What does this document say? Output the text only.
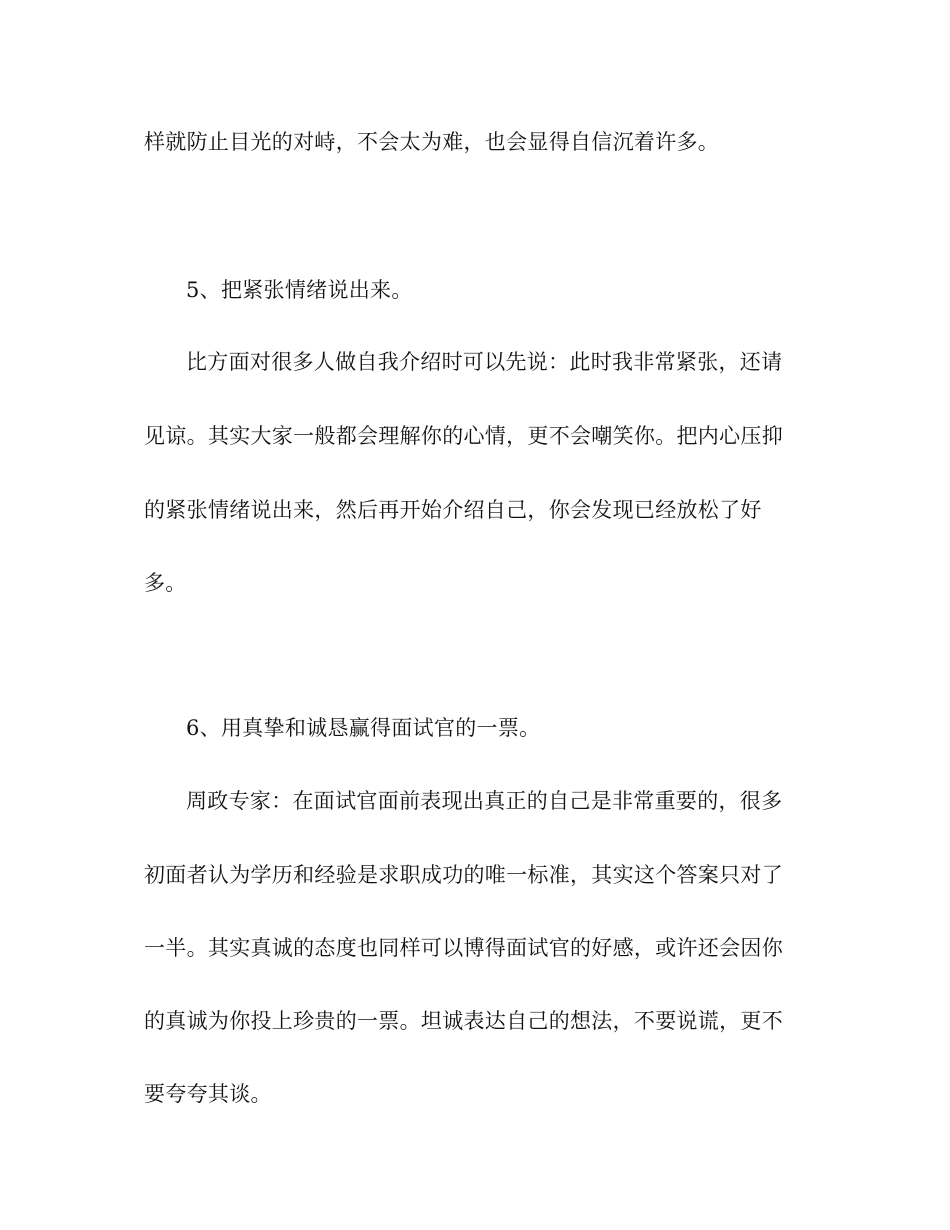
样就防止目光的对峙，不会太为难，也会显得自信沉着许多。
5、把紧张情绪说出来。
比方面对很多人做自我介绍时可以先说：此时我非常紧张，还请
见谅。其实大家一般都会理解你的心情，更不会嘲笑你。把内心压抑
的紧张情绪说出来，然后再开始介绍自己，你会发现已经放松了好
多。
6、用真挚和诚恳赢得面试官的一票。
周政专家：在面试官面前表现出真正的自己是非常重要的，很多
初面者认为学历和经验是求职成功的唯一标准，其实这个答案只对了
一半。其实真诚的态度也同样可以博得面试官的好感，或许还会因你
的真诚为你投上珍贵的一票。坦诚表达自己的想法，不要说谎，更不
要夸夸其谈。
